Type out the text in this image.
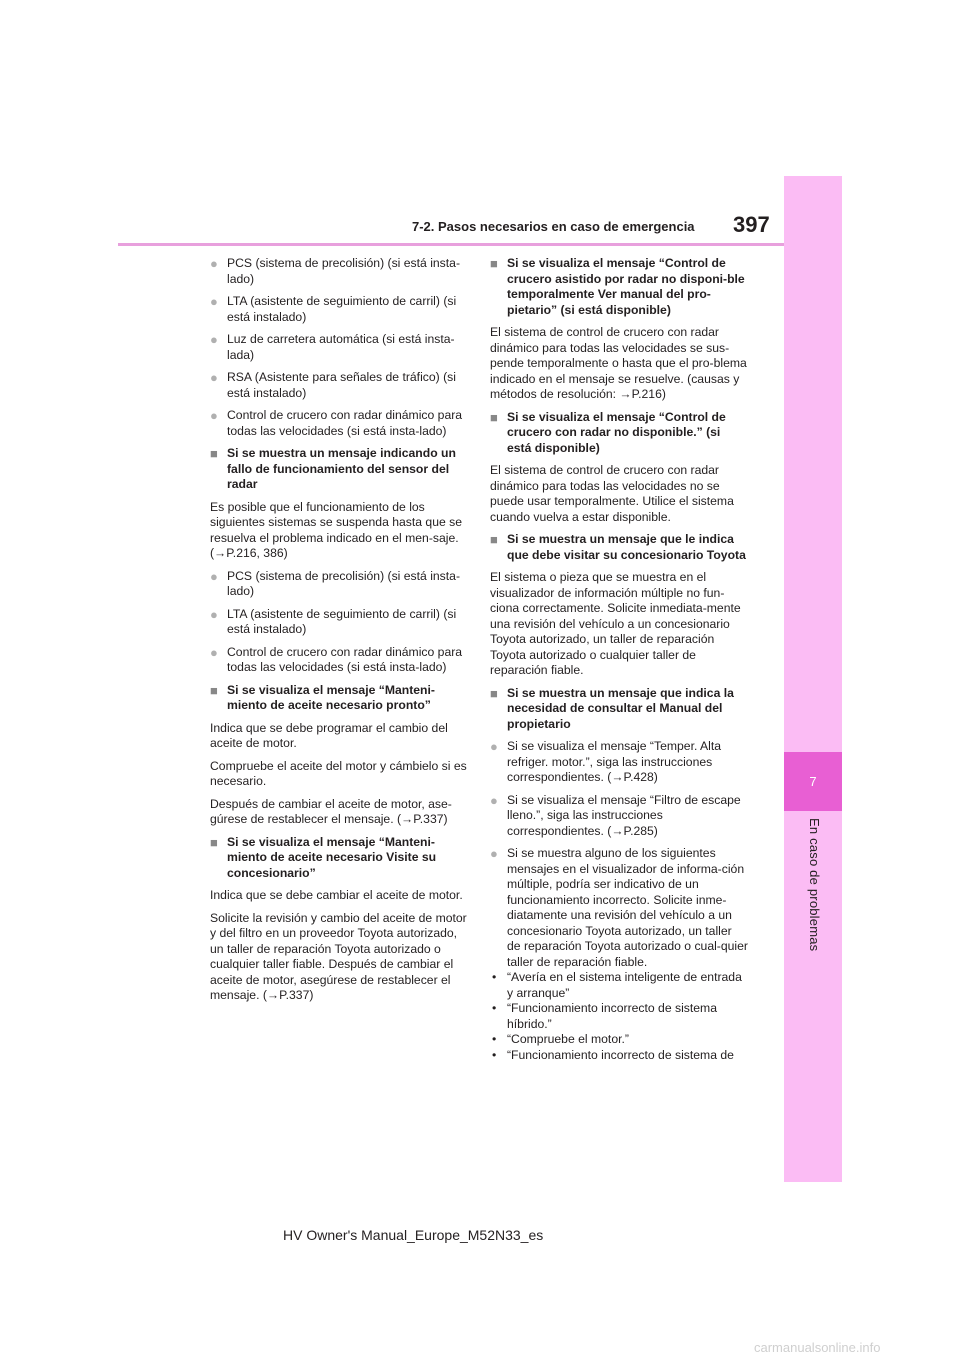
7
En caso de problemas
7-2. Pasos necesarios en caso de emergencia 397
● PCS (sistema de precolisión) (si está insta-lado)
● LTA (asistente de seguimiento de carril) (si está instalado)
● Luz de carretera automática (si está insta-lada)
● RSA (Asistente para señales de tráfico) (si está instalado)
● Control de crucero con radar dinámico para todas las velocidades (si está insta-lado)
■ Si se muestra un mensaje indicando un fallo de funcionamiento del sensor del radar
Es posible que el funcionamiento de los siguientes sistemas se suspenda hasta que se resuelva el problema indicado en el men-saje. (→P.216, 386)
● PCS (sistema de precolisión) (si está insta-lado)
● LTA (asistente de seguimiento de carril) (si está instalado)
● Control de crucero con radar dinámico para todas las velocidades (si está insta-lado)
■ Si se visualiza el mensaje “Manteni-miento de aceite necesario pronto”
Indica que se debe programar el cambio del aceite de motor.
Compruebe el aceite del motor y cámbielo si es necesario.
Después de cambiar el aceite de motor, ase-gúrese de restablecer el mensaje. (→P.337)
■ Si se visualiza el mensaje “Manteni-miento de aceite necesario Visite su concesionario”
Indica que se debe cambiar el aceite de motor.
Solicite la revisión y cambio del aceite de motor y del filtro en un proveedor Toyota autorizado, un taller de reparación Toyota autorizado o cualquier taller fiable. Después de cambiar el aceite de motor, asegúrese de restablecer el mensaje. (→P.337)
■ Si se visualiza el mensaje “Control de crucero asistido por radar no disponi-ble temporalmente Ver manual del pro-pietario” (si está disponible)
El sistema de control de crucero con radar dinámico para todas las velocidades se sus-pende temporalmente o hasta que el pro-blema indicado en el mensaje se resuelve. (causas y métodos de resolución: →P.216)
■ Si se visualiza el mensaje “Control de crucero con radar no disponible.” (si está disponible)
El sistema de control de crucero con radar dinámico para todas las velocidades no se puede usar temporalmente. Utilice el sistema cuando vuelva a estar disponible.
■ Si se muestra un mensaje que le indica que debe visitar su concesionario Toyota
El sistema o pieza que se muestra en el visualizador de información múltiple no fun-ciona correctamente. Solicite inmediata-mente una revisión del vehículo a un concesionario Toyota autorizado, un taller de reparación Toyota autorizado o cualquier taller de reparación fiable.
■ Si se muestra un mensaje que indica la necesidad de consultar el Manual del propietario
● Si se visualiza el mensaje “Temper. Alta refriger. motor.”, siga las instrucciones correspondientes. (→P.428)
● Si se visualiza el mensaje “Filtro de escape lleno.”, siga las instrucciones correspondientes. (→P.285)
● Si se muestra alguno de los siguientes mensajes en el visualizador de informa-ción múltiple, podría ser indicativo de un funcionamiento incorrecto. Solicite inme-diatamente una revisión del vehículo a un concesionario Toyota autorizado, un taller de reparación Toyota autorizado o cual-quier taller de reparación fiable.
• “Avería en el sistema inteligente de entrada y arranque”
• “Funcionamiento incorrecto de sistema híbrido.”
• “Compruebe el motor.”
• “Funcionamiento incorrecto de sistema de
HV Owner's Manual_Europe_M52N33_es
carmanualsonline.info
